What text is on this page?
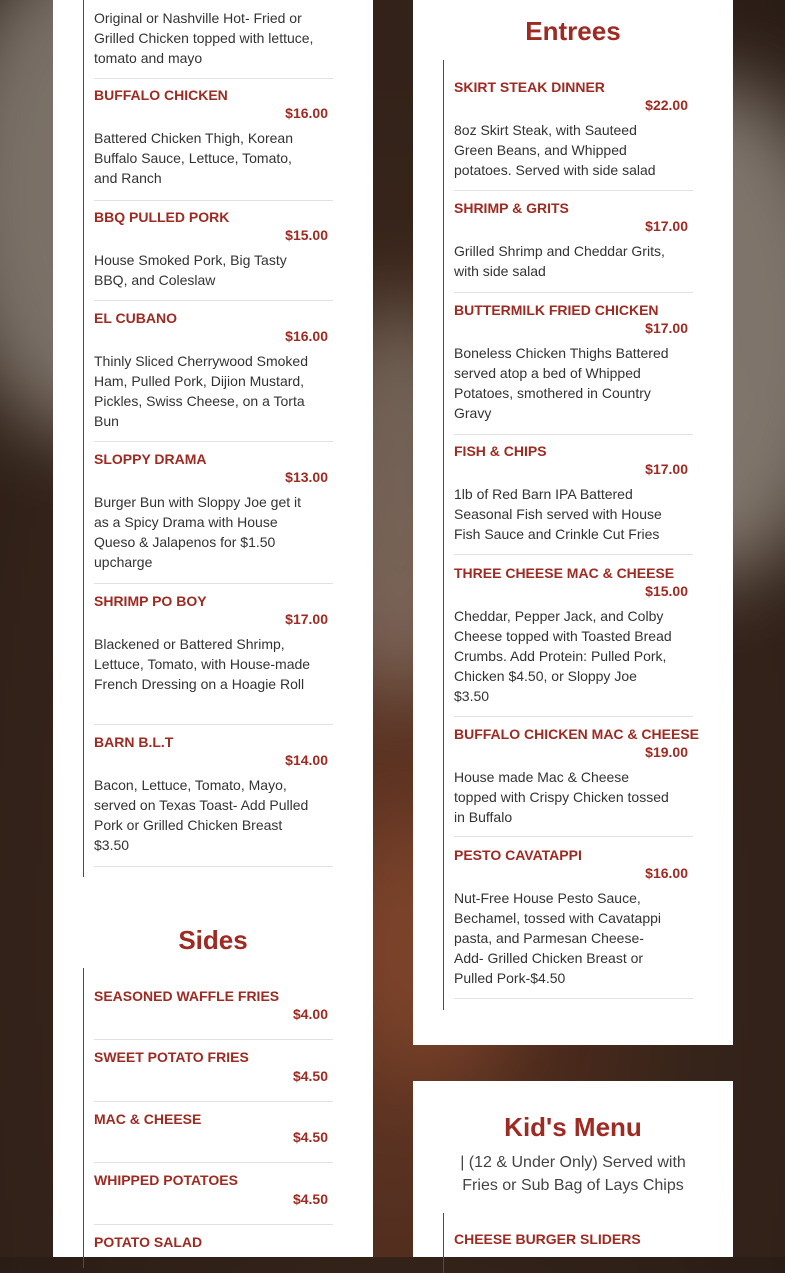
Original or Nashville Hot- Fried or Grilled Chicken topped with lettuce, tomato and mayo

BUFFALO CHICKEN

$16.00

Battered Chicken Thigh, Korean Buffalo Sauce, Lettuce, Tomato, and Ranch

BBQ PULLED PORK

$15.00

House Smoked Pork, Big Tasty BBQ, and Coleslaw

EL CUBANO

$16.00

Thinly Sliced Cherrywood Smoked Ham, Pulled Pork, Dijion Mustard, Pickles, Swiss Cheese, on a Torta Bun

SLOPPY DRAMA

$13.00

Burger Bun with Sloppy Joe get it as a Spicy Drama with House Queso & Jalapenos for $1.50 upcharge

SHRIMP PO BOY

$17.00

Blackened or Battered Shrimp, Lettuce, Tomato, with House-made French Dressing on a Hoagie Roll

BARN B.L.T

$14.00

Bacon, Lettuce, Tomato, Mayo, served on Texas Toast- Add Pulled Pork or Grilled Chicken Breast $3.50

Sides

SEASONED WAFFLE FRIES

$4.00

SWEET POTATO FRIES

$4.50

MAC & CHEESE

$4.50

WHIPPED POTATOES

$4.50

POTATO SALAD

Entrees

SKIRT STEAK DINNER

$22.00

8oz Skirt Steak, with Sauteed Green Beans, and Whipped potatoes. Served with side salad

SHRIMP & GRITS

$17.00

Grilled Shrimp and Cheddar Grits, with side salad

BUTTERMILK FRIED CHICKEN

$17.00

Boneless Chicken Thighs Battered served atop a bed of Whipped Potatoes, smothered in Country Gravy

FISH & CHIPS

$17.00

1lb of Red Barn IPA Battered Seasonal Fish served with House Fish Sauce and Crinkle Cut Fries

THREE CHEESE MAC & CHEESE

$15.00

Cheddar, Pepper Jack, and Colby Cheese topped with Toasted Bread Crumbs. Add Protein: Pulled Pork, Chicken $4.50, or Sloppy Joe $3.50

BUFFALO CHICKEN MAC & CHEESE

$19.00

House made Mac & Cheese topped with Crispy Chicken tossed in Buffalo

PESTO CAVATAPPI

$16.00

Nut-Free House Pesto Sauce, Bechamel, tossed with Cavatappi pasta, and Parmesan Cheese- Add- Grilled Chicken Breast or Pulled Pork-$4.50

Kid's Menu

| (12 & Under Only) Served with Fries or Sub Bag of Lays Chips

CHEESE BURGER SLIDERS
